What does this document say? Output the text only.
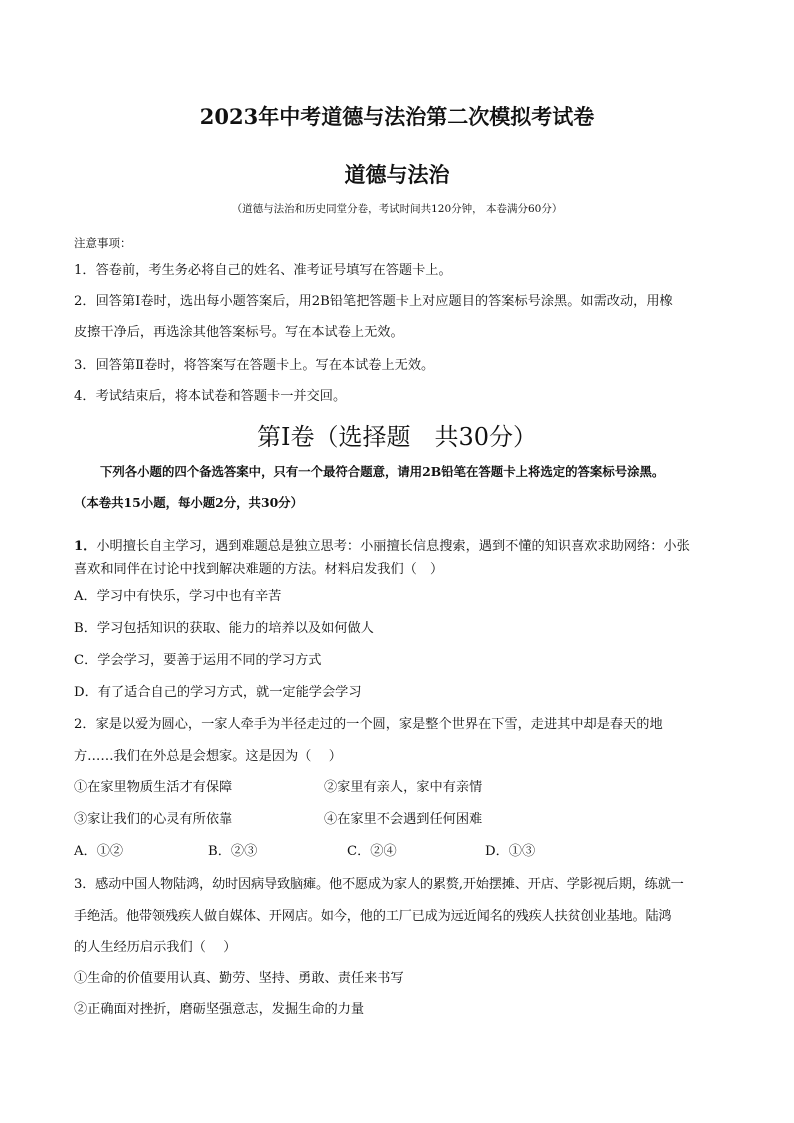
2023年中考道德与法治第二次模拟考试卷
道德与法治
（道德与法治和历史同堂分卷，考试时间共120分钟， 本卷满分60分）
注意事项：
1．答卷前，考生务必将自己的姓名、准考证号填写在答题卡上。
2．回答第Ⅰ卷时，选出每小题答案后，用2B铅笔把答题卡上对应题目的答案标号涂黑。如需改动，用橡
皮擦干净后，再选涂其他答案标号。写在本试卷上无效。
3．回答第Ⅱ卷时，将答案写在答题卡上。写在本试卷上无效。
4．考试结束后，将本试卷和答题卡一并交回。
第Ⅰ卷（选择题　共30分）
下列各小题的四个备选答案中，只有一个最符合题意，请用2B铅笔在答题卡上将选定的答案标号涂黑。
（本卷共15小题，每小题2分，共30分）
1．小明擅长自主学习，遇到难题总是独立思考：小丽擅长信息搜索，遇到不懂的知识喜欢求助网络：小张
喜欢和同伴在讨论中找到解决难题的方法。材料启发我们（　）
A．学习中有快乐，学习中也有辛苦
B．学习包括知识的获取、能力的培养以及如何做人
C．学会学习，要善于运用不同的学习方式
D．有了适合自己的学习方式，就一定能学会学习
2．家是以爱为圆心，一家人牵手为半径走过的一个圆，家是整个世界在下雪，走进其中却是春天的地
方……我们在外总是会想家。这是因为（　 ）
①在家里物质生活才有保障	②家里有亲人，家中有亲情
③家让我们的心灵有所依靠	④在家里不会遇到任何困难
A．①②	B．②③	C．②④	D．①③
3．感动中国人物陆鸿，幼时因病导致脑瘫。他不愿成为家人的累赘,开始摆摊、开店、学影视后期，练就一
手绝活。他带领残疾人做自媒体、开网店。如今，他的工厂已成为远近闻名的残疾人扶贫创业基地。陆鸿
的人生经历启示我们（　 ）
①生命的价值要用认真、勤劳、坚持、勇敢、责任来书写
②正确面对挫折，磨砺坚强意志，发掘生命的力量
